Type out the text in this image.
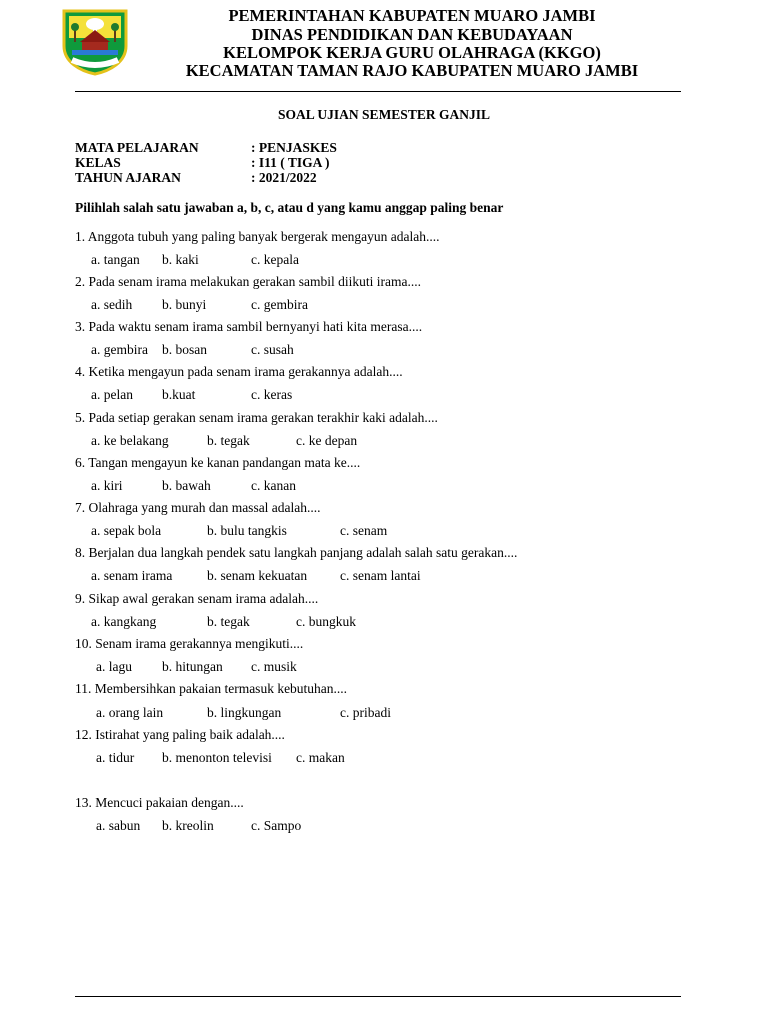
PEMERINTAHAN KABUPATEN MUARO JAMBI
DINAS PENDIDIKAN DAN KEBUDAYAAN
KELOMPOK KERJA GURU OLAHRAGA (KKGO)
KECAMATAN TAMAN RAJO KABUPATEN MUARO JAMBI
SOAL UJIAN SEMESTER GANJIL
MATA PELAJARAN	: PENJASKES
KELAS	: I11 ( TIGA )
TAHUN AJARAN	: 2021/2022
Pilihlah salah satu jawaban a, b, c, atau d yang kamu anggap paling benar
1. Anggota tubuh yang paling banyak bergerak mengayun adalah....
a. tangan b. kaki	c. kepala
2. Pada senam irama melakukan gerakan sambil diikuti irama....
a. sedih b. bunyi	c. gembira
3. Pada waktu senam irama sambil bernyanyi hati kita merasa....
a. gembira b. bosan	c. susah
4. Ketika mengayun pada senam irama gerakannya adalah....
a. pelan b.kuat	c. keras
5. Pada setiap gerakan senam irama gerakan terakhir kaki adalah....
a. ke belakang	b. tegak	c. ke depan
6. Tangan mengayun ke kanan pandangan mata ke....
a. kiri	b. bawah	c. kanan
7. Olahraga yang murah dan massal adalah....
a. sepak bola	b. bulu tangkis	c. senam
8. Berjalan dua langkah pendek satu langkah panjang adalah salah satu gerakan....
a. senam irama	b. senam kekuatan c. senam lantai
9. Sikap awal gerakan senam irama adalah....
a. kangkang	b. tegak	c. bungkuk
10. Senam irama gerakannya mengikuti....
a. lagu b. hitungan c. musik
11. Membersihkan pakaian termasuk kebutuhan....
a. orang lain	b. lingkungan	c. pribadi
12. Istirahat yang paling baik adalah....
a. tidur b. menonton televisi c. makan
13. Mencuci pakaian dengan....
a. sabun b. kreolin	c. Sampo
